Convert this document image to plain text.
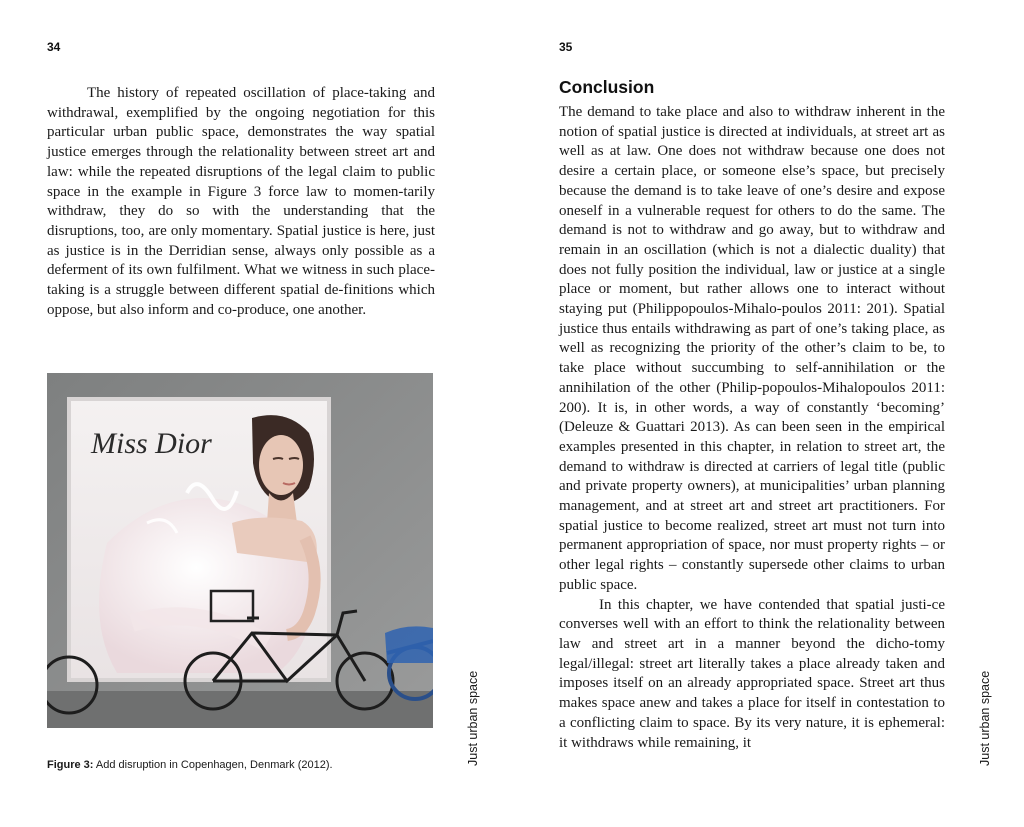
34

The history of repeated oscillation of place-taking and withdrawal, exemplified by the ongoing negotiation for this particular urban public space, demonstrates the way spatial justice emerges through the relationality between street art and law: while the repeated disruptions of the legal claim to public space in the example in Figure 3 force law to momen-tarily withdraw, they do so with the understanding that the disruptions, too, are only momentary. Spatial justice is here, just as justice is in the Derridian sense, always only possible as a deferment of its own fulfilment. What we witness in such place-taking is a struggle between different spatial de-finitions which oppose, but also inform and co-produce, one another.

Miss Dior

Figure 3: Add disruption in Copenhagen, Denmark (2012).	Just urban space
35
Conclusion

The demand to take place and also to withdraw inherent in the notion of spatial justice is directed at individuals, at street art as well as at law. One does not withdraw because one does not desire a certain place, or someone else’s space, but precisely because the demand is to take leave of one’s desire and expose oneself in a vulnerable request for others to do the same. The demand is not to withdraw and go away, but to withdraw and remain in an oscillation (which is not a dialectic duality) that does not fully position the individual, law or justice at a single place or moment, but rather allows one to interact without staying put (Philippopoulos-Mihalo-poulos 2011: 201). Spatial justice thus entails withdrawing as part of one’s taking place, as well as recognizing the priority of the other’s claim to be, to take place without succumbing to self-annihilation or the annihilation of the other (Philip-popoulos-Mihalopoulos 2011: 200). It is, in other words, a way of constantly ‘becoming’ (Deleuze & Guattari 2013). As can been seen in the empirical examples presented in this chapter, in relation to street art, the demand to withdraw is directed at carriers of legal title (public and private property owners), at municipalities’ urban planning management, and at street art and street art practitioners. For spatial justice to become realized, street art must not turn into permanent appropriation of space, nor must property rights – or other legal rights – constantly supersede other claims to urban public space.

In this chapter, we have contended that spatial justi-ce converses well with an effort to think the relationality between law and street art in a manner beyond the dicho-tomy legal/illegal: street art literally takes a place already taken and imposes itself on an already appropriated space. Street art thus makes space anew and takes a place for itself in contestation to a conflicting claim to space. By its very nature, it is ephemeral: it withdraws while remaining, it	Just urban space
